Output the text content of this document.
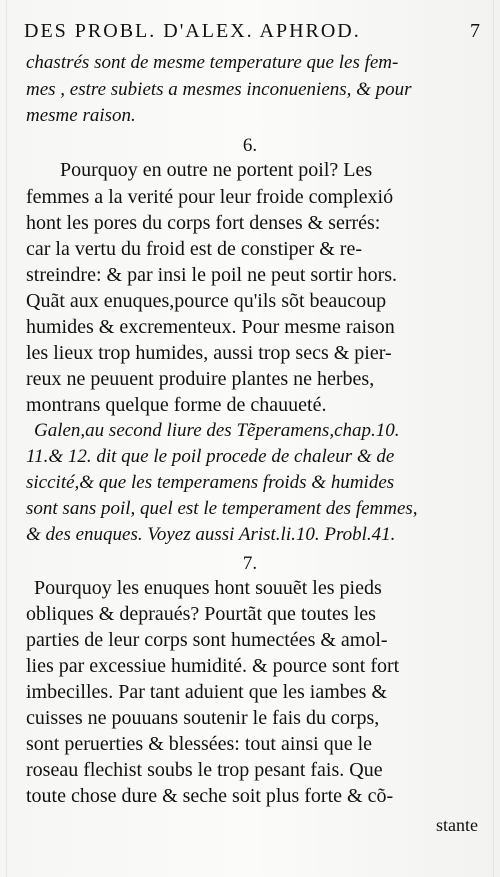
DES PROBL. D'ALEX. APHROD.	7
chastrés sont de mesme temperature que les fem-
mes , estre subiets a mesmes inconueniens, & pour
mesme raison.
6.
Pourquoy en outre ne portent poil? Les
femmes a la verité pour leur froide complexió
hont les pores du corps fort denses & serrés:
car la vertu du froid est de constiper & re-
streindre: & par insi le poil ne peut sortir hors.
Quãt aux enuques,pource qu'ils sõt beaucoup
humides & excrementeux. Pour mesme raison
les lieux trop humides, aussi trop secs & pier-
reux ne peuuent produire plantes ne herbes,
montrans quelque forme de chauueté.
Galen,au second liure des Tẽperamens,chap.10.
11.& 12. dit que le poil procede de chaleur & de
siccité,& que les temperamens froids & humides
sont sans poil, quel est le temperament des femmes,
& des enuques. Voyez aussi Arist.li.10. Probl.41.
7.
Pourquoy les enuques hont souuẽt les pieds
obliques & depraués? Pourtãt que toutes les
parties de leur corps sont humectées & amol-
lies par excessiue humidité. & pource sont fort
imbecilles. Par tant aduient que les iambes &
cuisses ne pouuans soutenir le fais du corps,
sont peruerties & blessées: tout ainsi que le
roseau flechist soubs le trop pesant fais. Que
toute chose dure & seche soit plus forte & cõ-
stante
